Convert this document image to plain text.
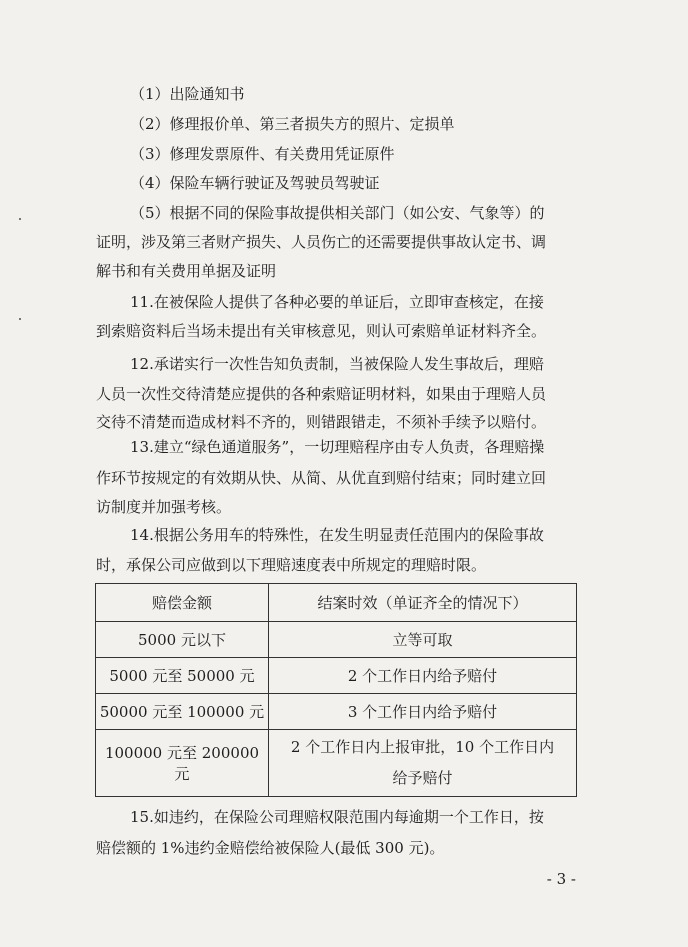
（1）出险通知书
（2）修理报价单、第三者损失方的照片、定损单
（3）修理发票原件、有关费用凭证原件
（4）保险车辆行驶证及驾驶员驾驶证
（5）根据不同的保险事故提供相关部门（如公安、气象等）的
证明，涉及第三者财产损失、人员伤亡的还需要提供事故认定书、调
解书和有关费用单据及证明
11.在被保险人提供了各种必要的单证后，立即审查核定，在接
到索赔资料后当场未提出有关审核意见，则认可索赔单证材料齐全。
12.承诺实行一次性告知负责制，当被保险人发生事故后，理赔
人员一次性交待清楚应提供的各种索赔证明材料，如果由于理赔人员
交待不清楚而造成材料不齐的，则错跟错走，不须补手续予以赔付。
13.建立“绿色通道服务”，一切理赔程序由专人负责，各理赔操
作环节按规定的有效期从快、从简、从优直到赔付结束；同时建立回
访制度并加强考核。
14.根据公务用车的特殊性，在发生明显责任范围内的保险事故
时，承保公司应做到以下理赔速度表中所规定的理赔时限。
赔偿金额	结案时效（单证齐全的情况下）
5000 元以下	立等可取
5000 元至 50000 元	2 个工作日内给予赔付
50000 元至 100000 元	3 个工作日内给予赔付
100000 元至 200000 元	2 个工作日内上报审批，10 个工作日内
给予赔付
15.如违约，在保险公司理赔权限范围内每逾期一个工作日，按
赔偿额的 1%违约金赔偿给被保险人(最低 300 元)。
- 3 -
